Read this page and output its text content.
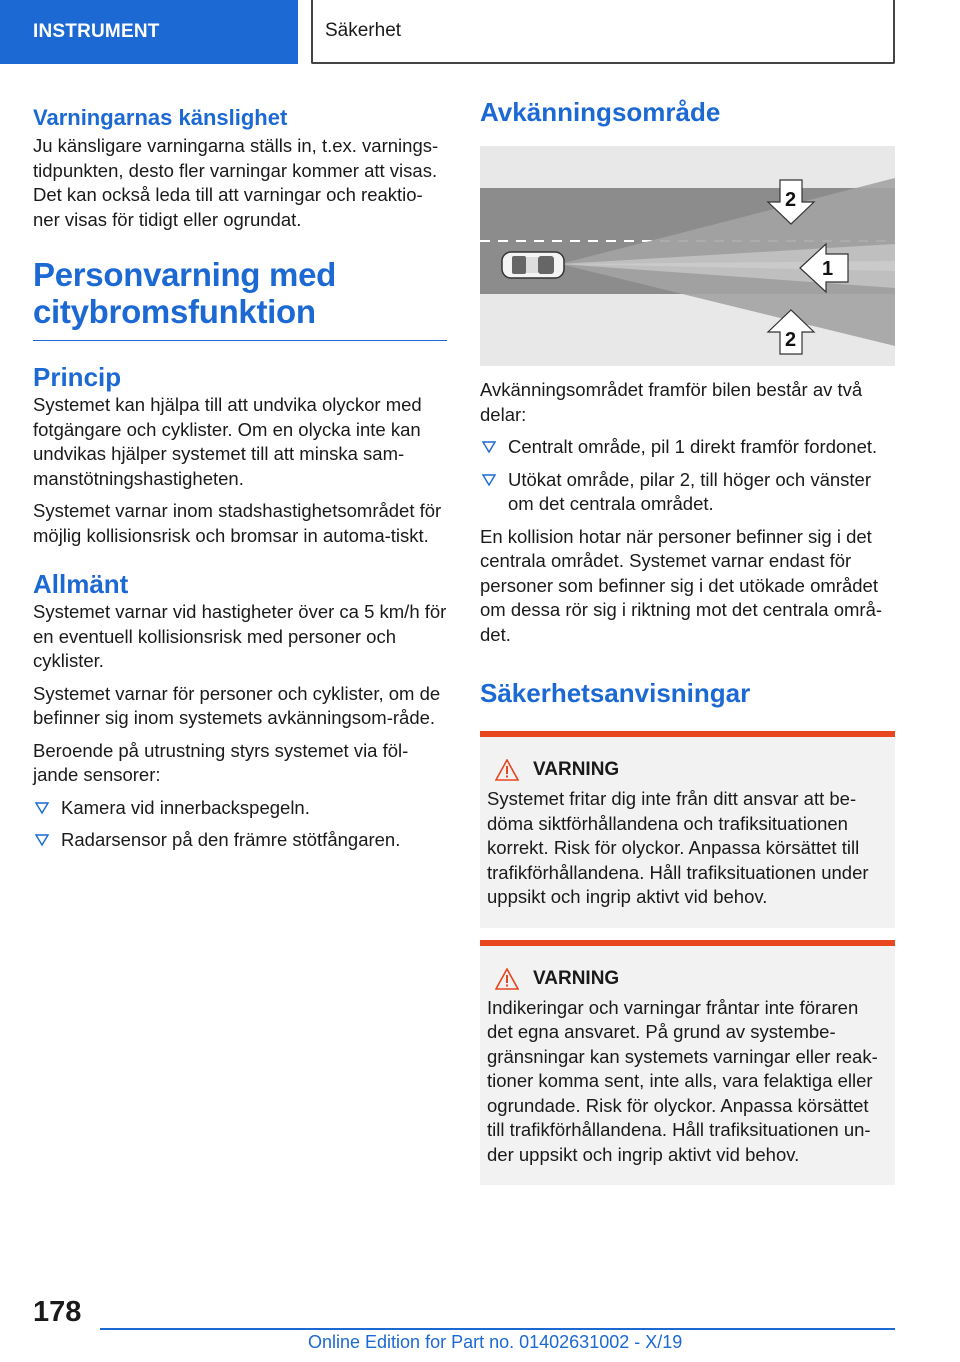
INSTRUMENT	Säkerhet
Varningarnas känslighet

Ju känsligare varningarna ställs in, t.ex. varnings-tidpunkten, desto fler varningar kommer att visas. Det kan också leda till att varningar och reaktio-ner visas för tidigt eller ogrundat.

Personvarning med citybromsfunktion
Princip

Systemet kan hjälpa till att undvika olyckor med fotgängare och cyklister. Om en olycka inte kan undvikas hjälper systemet till att minska sam-manstötningshastigheten.

Systemet varnar inom stadshastighetsområdet för möjlig kollisionsrisk och bromsar in automa-tiskt.

Allmänt

Systemet varnar vid hastigheter över ca 5 km/h för en eventuell kollisionsrisk med personer och cyklister.

Systemet varnar för personer och cyklister, om de befinner sig inom systemets avkänningsom-råde.

Beroende på utrustning styrs systemet via föl-jande sensorer:

Kamera vid innerbackspegeln.
Radarsensor på den främre stötfångaren.
Avkänningsområde
1
2
2

Avkänningsområdet framför bilen består av två delar:

Centralt område, pil 1 direkt framför fordonet.
Utökat område, pilar 2, till höger och vänster om det centrala området.

En kollision hotar när personer befinner sig i det centrala området. Systemet varnar endast för personer som befinner sig i det utökade området om dessa rör sig i riktning mot det centrala områ-det.

Säkerhetsanvisningar
VARNING

Systemet fritar dig inte från ditt ansvar att be-döma siktförhållandena och trafiksituationen korrekt. Risk för olyckor. Anpassa körsättet till trafikförhållandena. Håll trafiksituationen under uppsikt och ingrip aktivt vid behov.

VARNING

Indikeringar och varningar fråntar inte föraren det egna ansvaret. På grund av systembe-gränsningar kan systemets varningar eller reak-tioner komma sent, inte alls, vara felaktiga eller ogrundade. Risk för olyckor. Anpassa körsättet till trafikförhållandena. Håll trafiksituationen un-der uppsikt och ingrip aktivt vid behov.

178
Online Edition for Part no. 01402631002 - X/19
